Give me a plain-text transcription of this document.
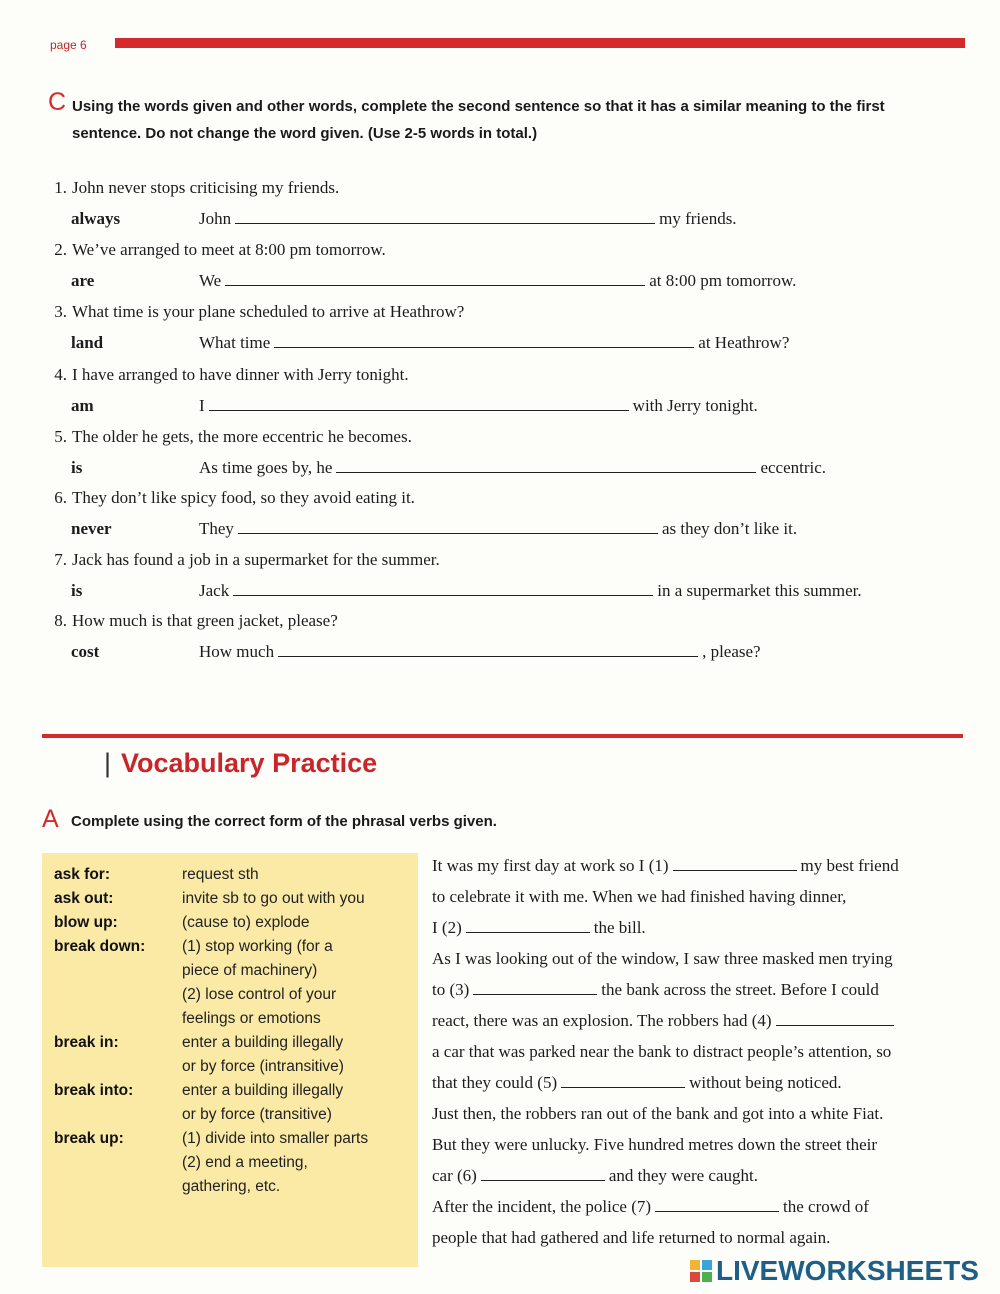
page 6
C Using the words given and other words, complete the second sentence so that it has a similar meaning to the first sentence. Do not change the word given. (Use 2-5 words in total.)
1. John never stops criticising my friends.
always	John	my friends.
2. We’ve arranged to meet at 8:00 pm tomorrow.
are	We	at 8:00 pm tomorrow.
3. What time is your plane scheduled to arrive at Heathrow?
land	What time	at Heathrow?
4. I have arranged to have dinner with Jerry tonight.
am	I	with Jerry tonight.
5. The older he gets, the more eccentric he becomes.
is	As time goes by, he	eccentric.
6. They don’t like spicy food, so they avoid eating it.
never	They	as they don’t like it.
7. Jack has found a job in a supermarket for the summer.
is	Jack	in a supermarket this summer.
8. How much is that green jacket, please?
cost	How much	, please?
| Vocabulary Practice
A Complete using the correct form of the phrasal verbs given.
ask for:	request sth
ask out:	invite sb to go out with you
blow up:	(cause to) explode
break down: (1) stop working (for a
piece of machinery)
(2) lose control of your
feelings or emotions
break in:	enter a building illegally
or by force (intransitive)
break into:	enter a building illegally
or by force (transitive)
break up:	(1) divide into smaller parts
(2) end a meeting,
gathering, etc.
It was my first day at work so I (1)	my best friend
to celebrate it with me. When we had finished having dinner,
I (2)	the bill.
As I was looking out of the window, I saw three masked men trying
to (3)	the bank across the street. Before I could
react, there was an explosion. The robbers had (4)
a car that was parked near the bank to distract people’s attention, so
that they could (5)	without being noticed.
Just then, the robbers ran out of the bank and got into a white Fiat.
But they were unlucky. Five hundred metres down the street their
car (6)	and they were caught.
After the incident, the police (7)	the crowd of
people that had gathered and life returned to normal again.
LIVEWORKSHEETS
